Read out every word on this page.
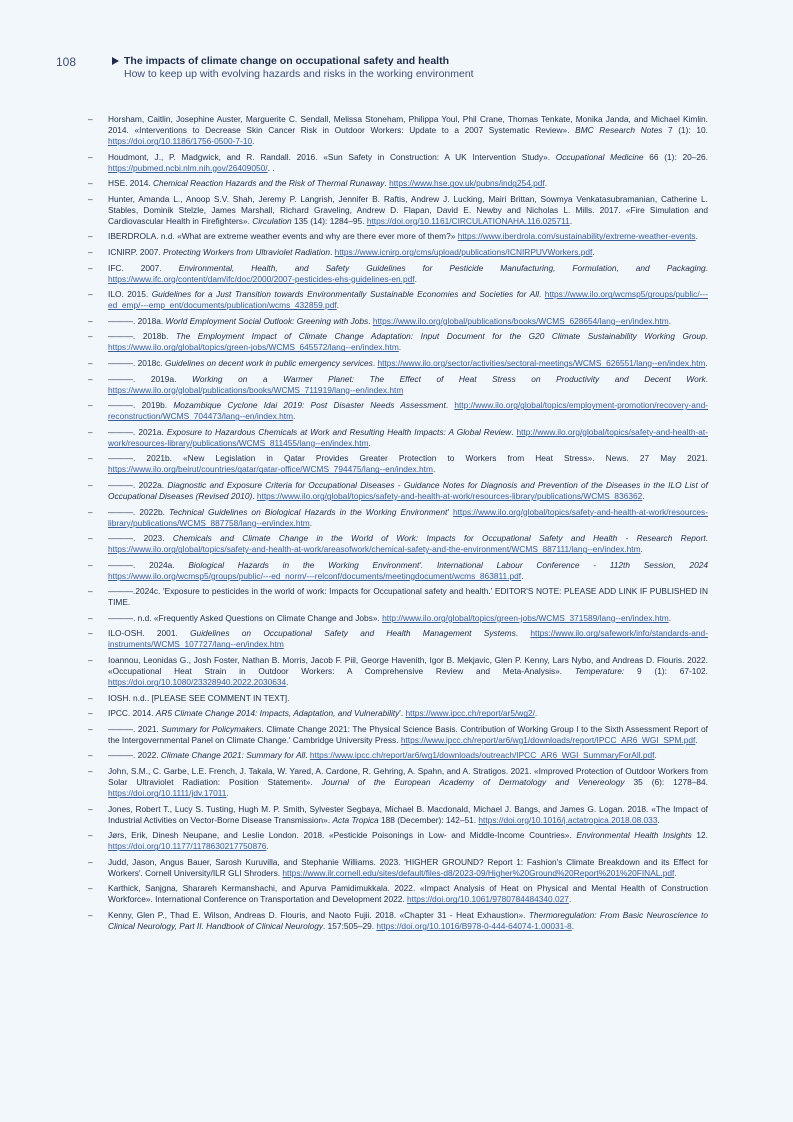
108	The impacts of climate change on occupational safety and health
How to keep up with evolving hazards and risks in the working environment
–	Horsham, Caitlin, Josephine Auster, Marguerite C. Sendall, Melissa Stoneham, Philippa Youl, Phil Crane, Thomas Tenkate, Monika Janda, and Michael Kimlin. 2014. «Interventions to Decrease Skin Cancer Risk in Outdoor Workers: Update to a 2007 Systematic Review». BMC Research Notes 7 (1): 10. https://doi.org/10.1186/1756-0500-7-10.
–	Houdmont, J., P. Madgwick, and R. Randall. 2016. «Sun Safety in Construction: A UK Intervention Study». Occupational Medicine 66 (1): 20–26. https://pubmed.ncbi.nlm.nih.gov/26409050/. .
–	HSE. 2014. Chemical Reaction Hazards and the Risk of Thermal Runaway. https://www.hse.gov.uk/pubns/indg254.pdf.
–	Hunter, Amanda L., Anoop S.V. Shah, Jeremy P. Langrish, Jennifer B. Raftis, Andrew J. Lucking, Mairi Brittan, Sowmya Venkatasubramanian, Catherine L. Stables, Dominik Stelzle, James Marshall, Richard Graveling, Andrew D. Flapan, David E. Newby and Nicholas L. Mills. 2017. «Fire Simulation and Cardiovascular Health in Firefighters». Circulation 135 (14): 1284–95. https://doi.org/10.1161/CIRCULATIONAHA.116.025711.
–	IBERDROLA. n.d. «What are extreme weather events and why are there ever more of them?» https://www.iberdrola.com/sustainability/extreme-weather-events.
–	ICNIRP. 2007. Protecting Workers from Ultraviolet Radiation. https://www.icnirp.org/cms/upload/publications/ICNIRPUVWorkers.pdf.
–	IFC. 2007. Environmental, Health, and Safety Guidelines for Pesticide Manufacturing, Formulation, and Packaging. https://www.ifc.org/content/dam/ifc/doc/2000/2007-pesticides-ehs-guidelines-en.pdf.
–	ILO. 2015. Guidelines for a Just Transition towards Environmentally Sustainable Economies and Societies for All. https://www.ilo.org/wcmsp5/groups/public/---ed_emp/---emp_ent/documents/publication/wcms_432859.pdf.
–	———. 2018a. World Employment Social Outlook: Greening with Jobs. https://www.ilo.org/global/publications/books/WCMS_628654/lang--en/index.htm.
–	———. 2018b. The Employment Impact of Climate Change Adaptation: Input Document for the G20 Climate Sustainability Working Group. https://www.ilo.org/global/topics/green-jobs/WCMS_645572/lang--en/index.htm.
–	———. 2018c. Guidelines on decent work in public emergency services. https://www.ilo.org/sector/activities/sectoral-meetings/WCMS_626551/lang--en/index.htm.
–	———. 2019a. Working on a Warmer Planet: The Effect of Heat Stress on Productivity and Decent Work. https://www.ilo.org/global/publications/books/WCMS_711919/lang--en/index.htm
–	———. 2019b. Mozambique Cyclone Idai 2019: Post Disaster Needs Assessment. http://www.ilo.org/global/topics/employment-promotion/recovery-and-reconstruction/WCMS_704473/lang--en/index.htm.
–	———. 2021a. Exposure to Hazardous Chemicals at Work and Resulting Health Impacts: A Global Review. http://www.ilo.org/global/topics/safety-and-health-at-work/resources-library/publications/WCMS_811455/lang--en/index.htm.
–	———. 2021b. «New Legislation in Qatar Provides Greater Protection to Workers from Heat Stress». News. 27 May 2021. https://www.ilo.org/beirut/countries/qatar/qatar-office/WCMS_794475/lang--en/index.htm.
–	———. 2022a. Diagnostic and Exposure Criteria for Occupational Diseases - Guidance Notes for Diagnosis and Prevention of the Diseases in the ILO List of Occupational Diseases (Revised 2010). https://www.ilo.org/global/topics/safety-and-health-at-work/resources-library/publications/WCMS_836362.
–	———. 2022b. Technical Guidelines on Biological Hazards in the Working Environment' https://www.ilo.org/global/topics/safety-and-health-at-work/resources-library/publications/WCMS_887758/lang--en/index.htm.
–	———. 2023. Chemicals and Climate Change in the World of Work: Impacts for Occupational Safety and Health - Research Report. https://www.ilo.org/global/topics/safety-and-health-at-work/areasofwork/chemical-safety-and-the-environment/WCMS_887111/lang--en/index.htm.
–	———. 2024a. Biological Hazards in the Working Environment'. International Labour Conference - 112th Session, 2024 https://www.ilo.org/wcmsp5/groups/public/---ed_norm/---relconf/documents/meetingdocument/wcms_863811.pdf.
–	———.2024c. 'Exposure to pesticides in the world of work: Impacts for Occupational safety and health.' EDITOR'S NOTE: PLEASE ADD LINK IF PUBLISHED IN TIME.
–	———. n.d. «Frequently Asked Questions on Climate Change and Jobs». http://www.ilo.org/global/topics/green-jobs/WCMS_371589/lang--en/index.htm.
–	ILO-OSH. 2001. Guidelines on Occupational Safety and Health Management Systems. https://www.ilo.org/safework/info/standards-and-instruments/WCMS_107727/lang--en/index.htm
–	Ioannou, Leonidas G., Josh Foster, Nathan B. Morris, Jacob F. Piil, George Havenith, Igor B. Mekjavic, Glen P. Kenny, Lars Nybo, and Andreas D. Flouris. 2022. «Occupational Heat Strain in Outdoor Workers: A Comprehensive Review and Meta-Analysis». Temperature: 9 (1): 67-102. https://doi.org/10.1080/23328940.2022.2030634.
–	IOSH. n.d.. [PLEASE SEE COMMENT IN TEXT].
–	IPCC. 2014. AR5 Climate Change 2014: Impacts, Adaptation, and Vulnerability'. https://www.ipcc.ch/report/ar5/wg2/.
–	———. 2021. Summary for Policymakers. Climate Change 2021: The Physical Science Basis. Contribution of Working Group I to the Sixth Assessment Report of the Intergovernmental Panel on Climate Change.' Cambridge University Press. https://www.ipcc.ch/report/ar6/wg1/downloads/report/IPCC_AR6_WGI_SPM.pdf.
–	———. 2022. Climate Change 2021: Summary for All. https://www.ipcc.ch/report/ar6/wg1/downloads/outreach/IPCC_AR6_WGI_SummaryForAll.pdf.
–	John, S.M., C. Garbe, L.E. French, J. Takala, W. Yared, A. Cardone, R. Gehring, A. Spahn, and A. Stratigos. 2021. «Improved Protection of Outdoor Workers from Solar Ultraviolet Radiation: Position Statement». Journal of the European Academy of Dermatology and Venereology 35 (6): 1278–84. https://doi.org/10.1111/jdv.17011.
–	Jones, Robert T., Lucy S. Tusting, Hugh M. P. Smith, Sylvester Segbaya, Michael B. Macdonald, Michael J. Bangs, and James G. Logan. 2018. «The Impact of Industrial Activities on Vector-Borne Disease Transmission». Acta Tropica 188 (December): 142–51. https://doi.org/10.1016/j.actatropica.2018.08.033.
–	Jørs, Erik, Dinesh Neupane, and Leslie London. 2018. «Pesticide Poisonings in Low- and Middle-Income Countries». Environmental Health Insights 12. https://doi.org/10.1177/1178630217750876.
–	Judd, Jason, Angus Bauer, Sarosh Kuruvilla, and Stephanie Williams. 2023. 'HIGHER GROUND? Report 1: Fashion's Climate Breakdown and its Effect for Workers'. Cornell University/ILR GLI Shroders. https://www.ilr.cornell.edu/sites/default/files-d8/2023-09/Higher%20Ground%20Report%201%20FINAL.pdf.
–	Karthick, Sanjgna, Sharareh Kermanshachi, and Apurva Pamidimukkala. 2022. «Impact Analysis of Heat on Physical and Mental Health of Construction Workforce». International Conference on Transportation and Development 2022. https://doi.org/10.1061/9780784484340.027.
–	Kenny, Glen P., Thad E. Wilson, Andreas D. Flouris, and Naoto Fujii. 2018. «Chapter 31 - Heat Exhaustion». Thermoregulation: From Basic Neuroscience to Clinical Neurology, Part II. Handbook of Clinical Neurology. 157:505–29. https://doi.org/10.1016/B978-0-444-64074-1.00031-8.
